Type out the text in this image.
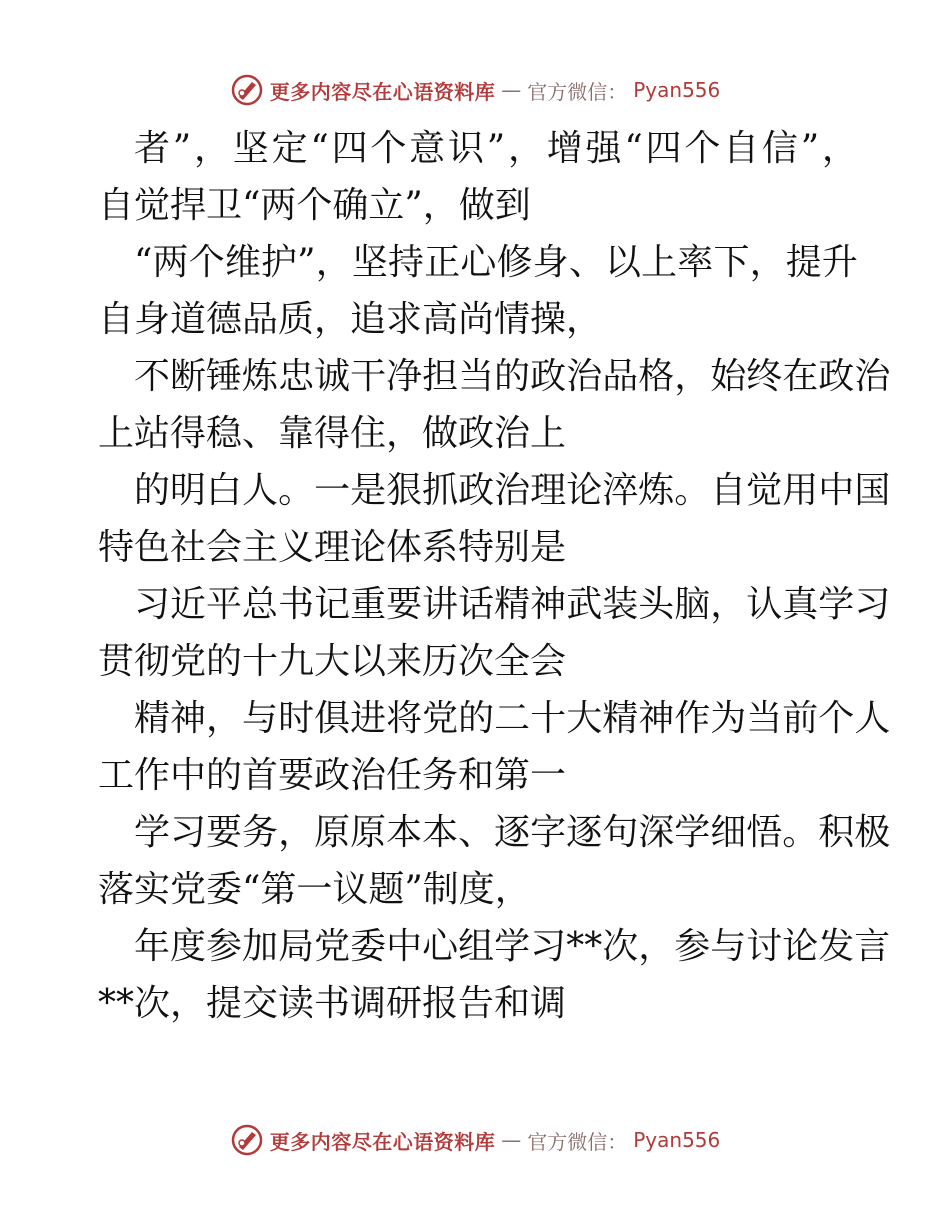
更多内容尽在心语资料库 — 官方微信： Pyan556
者 ” ， 坚 定 “ 四 个 意 识 ” ， 增 强 “ 四 个 自 信 ” ，
自觉捍卫“两个确立”，做到
“ 两 个 维 护 ” ， 坚 持 正 心 修 身 、 以 上 率 下 ， 提 升
自身道德品质，追求高尚情操，
不 断 锤 炼 忠 诚 干 净 担 当 的 政 治 品 格 ， 始 终 在 政 治
上站得稳、靠得住，做政治上
的 明 白 人 。 一 是 狠 抓 政 治 理 论 淬 炼 。 自 觉 用 中 国
特色社会主义理论体系特别是
习 近 平 总 书 记 重 要 讲 话 精 神 武 装 头 脑 ， 认 真 学 习
贯彻党的十九大以来历次全会
精 神 ， 与 时 俱 进 将 党 的 二 十 大 精 神 作 为 当 前 个 人
工作中的首要政治任务和第一
学 习 要 务 ， 原 原 本 本 、 逐 字 逐 句 深 学 细 悟 。 积 极
落实党委“第一议题”制度，
年 度 参 加 局 党 委 中 心 组 学 习 * * 次 ， 参 与 讨 论 发 言
**次，提交读书调研报告和调
更多内容尽在心语资料库 — 官方微信： Pyan556
